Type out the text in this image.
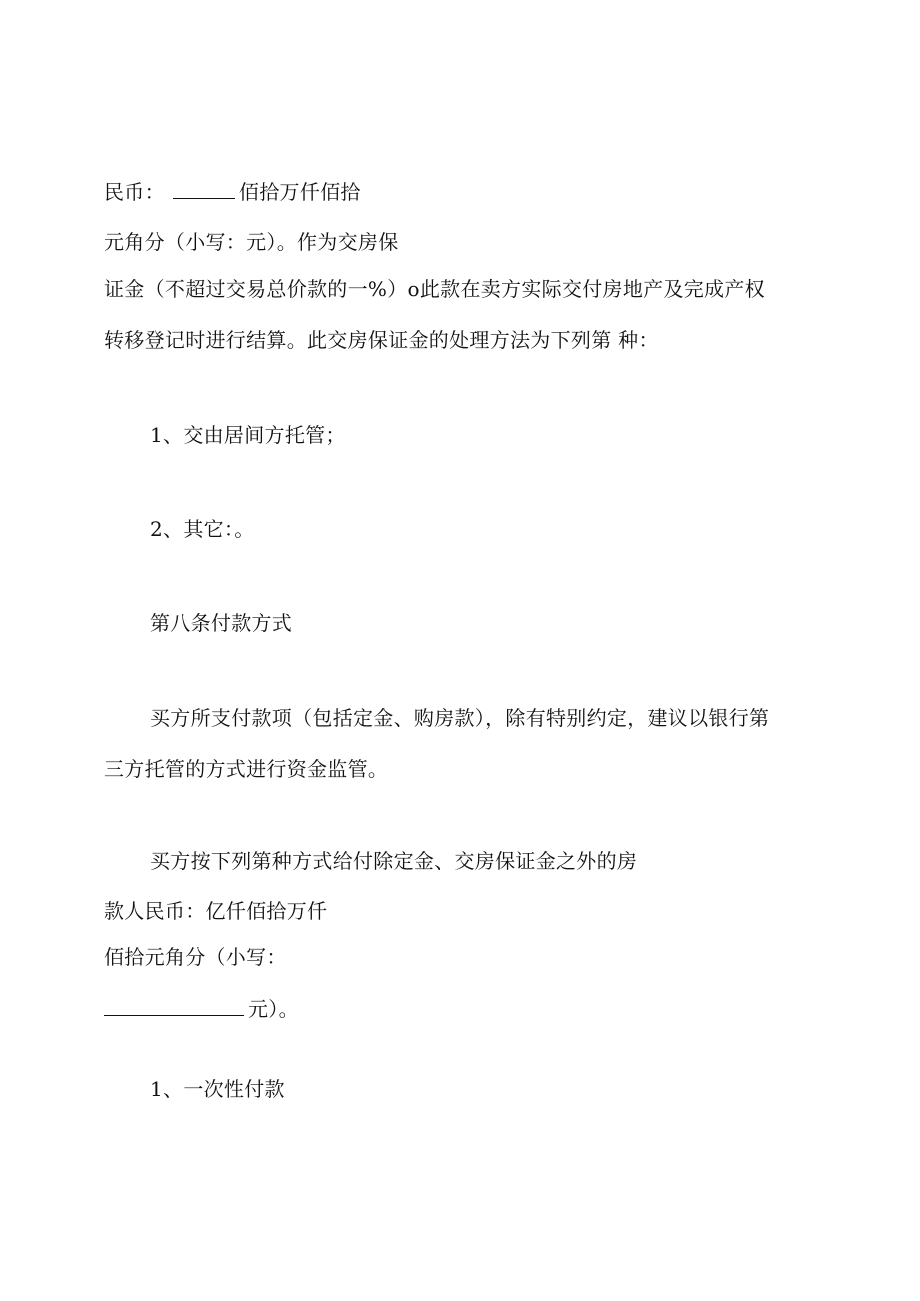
民币：	佰拾万仟佰拾
元角分（小写：元）。作为交房保
证金（不超过交易总价款的一%）o此款在卖方实际交付房地产及完成产权
转移登记时进行结算。此交房保证金的处理方法为下列第 种：
1、交由居间方托管；
2、其它：。
第八条付款方式
买方所支付款项（包括定金、购房款），除有特别约定，建议以银行第
三方托管的方式进行资金监管。
买方按下列第种方式给付除定金、交房保证金之外的房
款人民币：亿仟佰拾万仟
佰拾元角分（小写：
元）。
1、一次性付款
